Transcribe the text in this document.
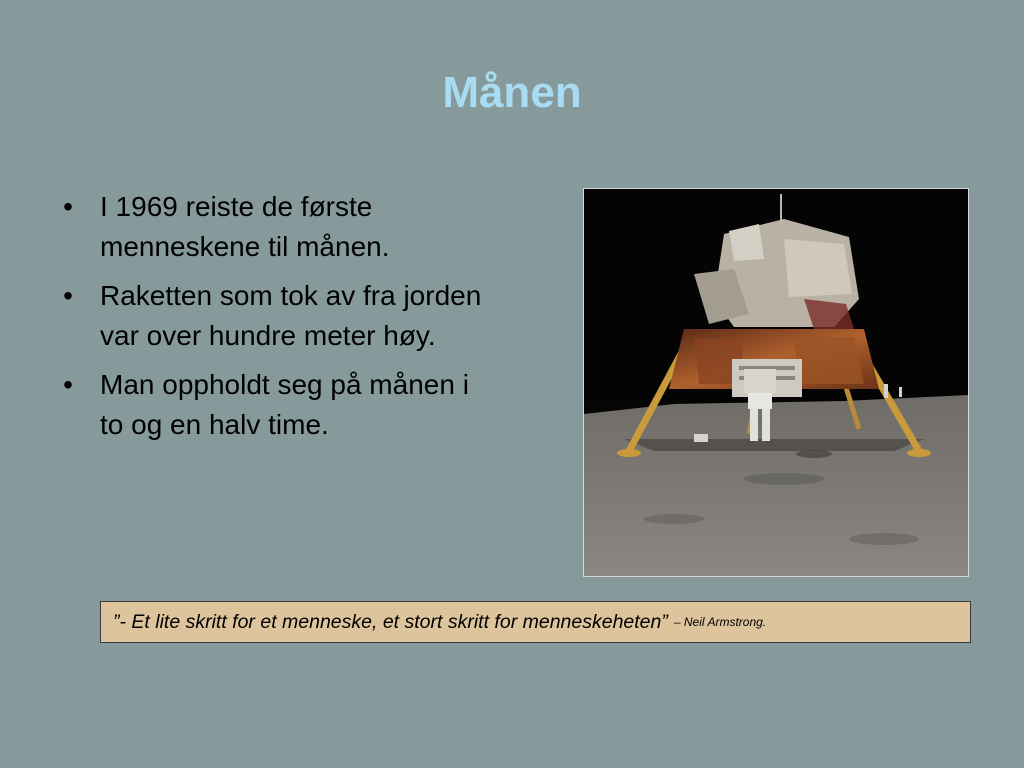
Månen
• I 1969 reiste de første menneskene til månen.
• Raketten som tok av fra jorden var over hundre meter høy.
• Man oppholdt seg på månen i to og en halv time.
”- Et lite skritt for et menneske, et stort skritt for menneskeheten” – Neil Armstrong.
